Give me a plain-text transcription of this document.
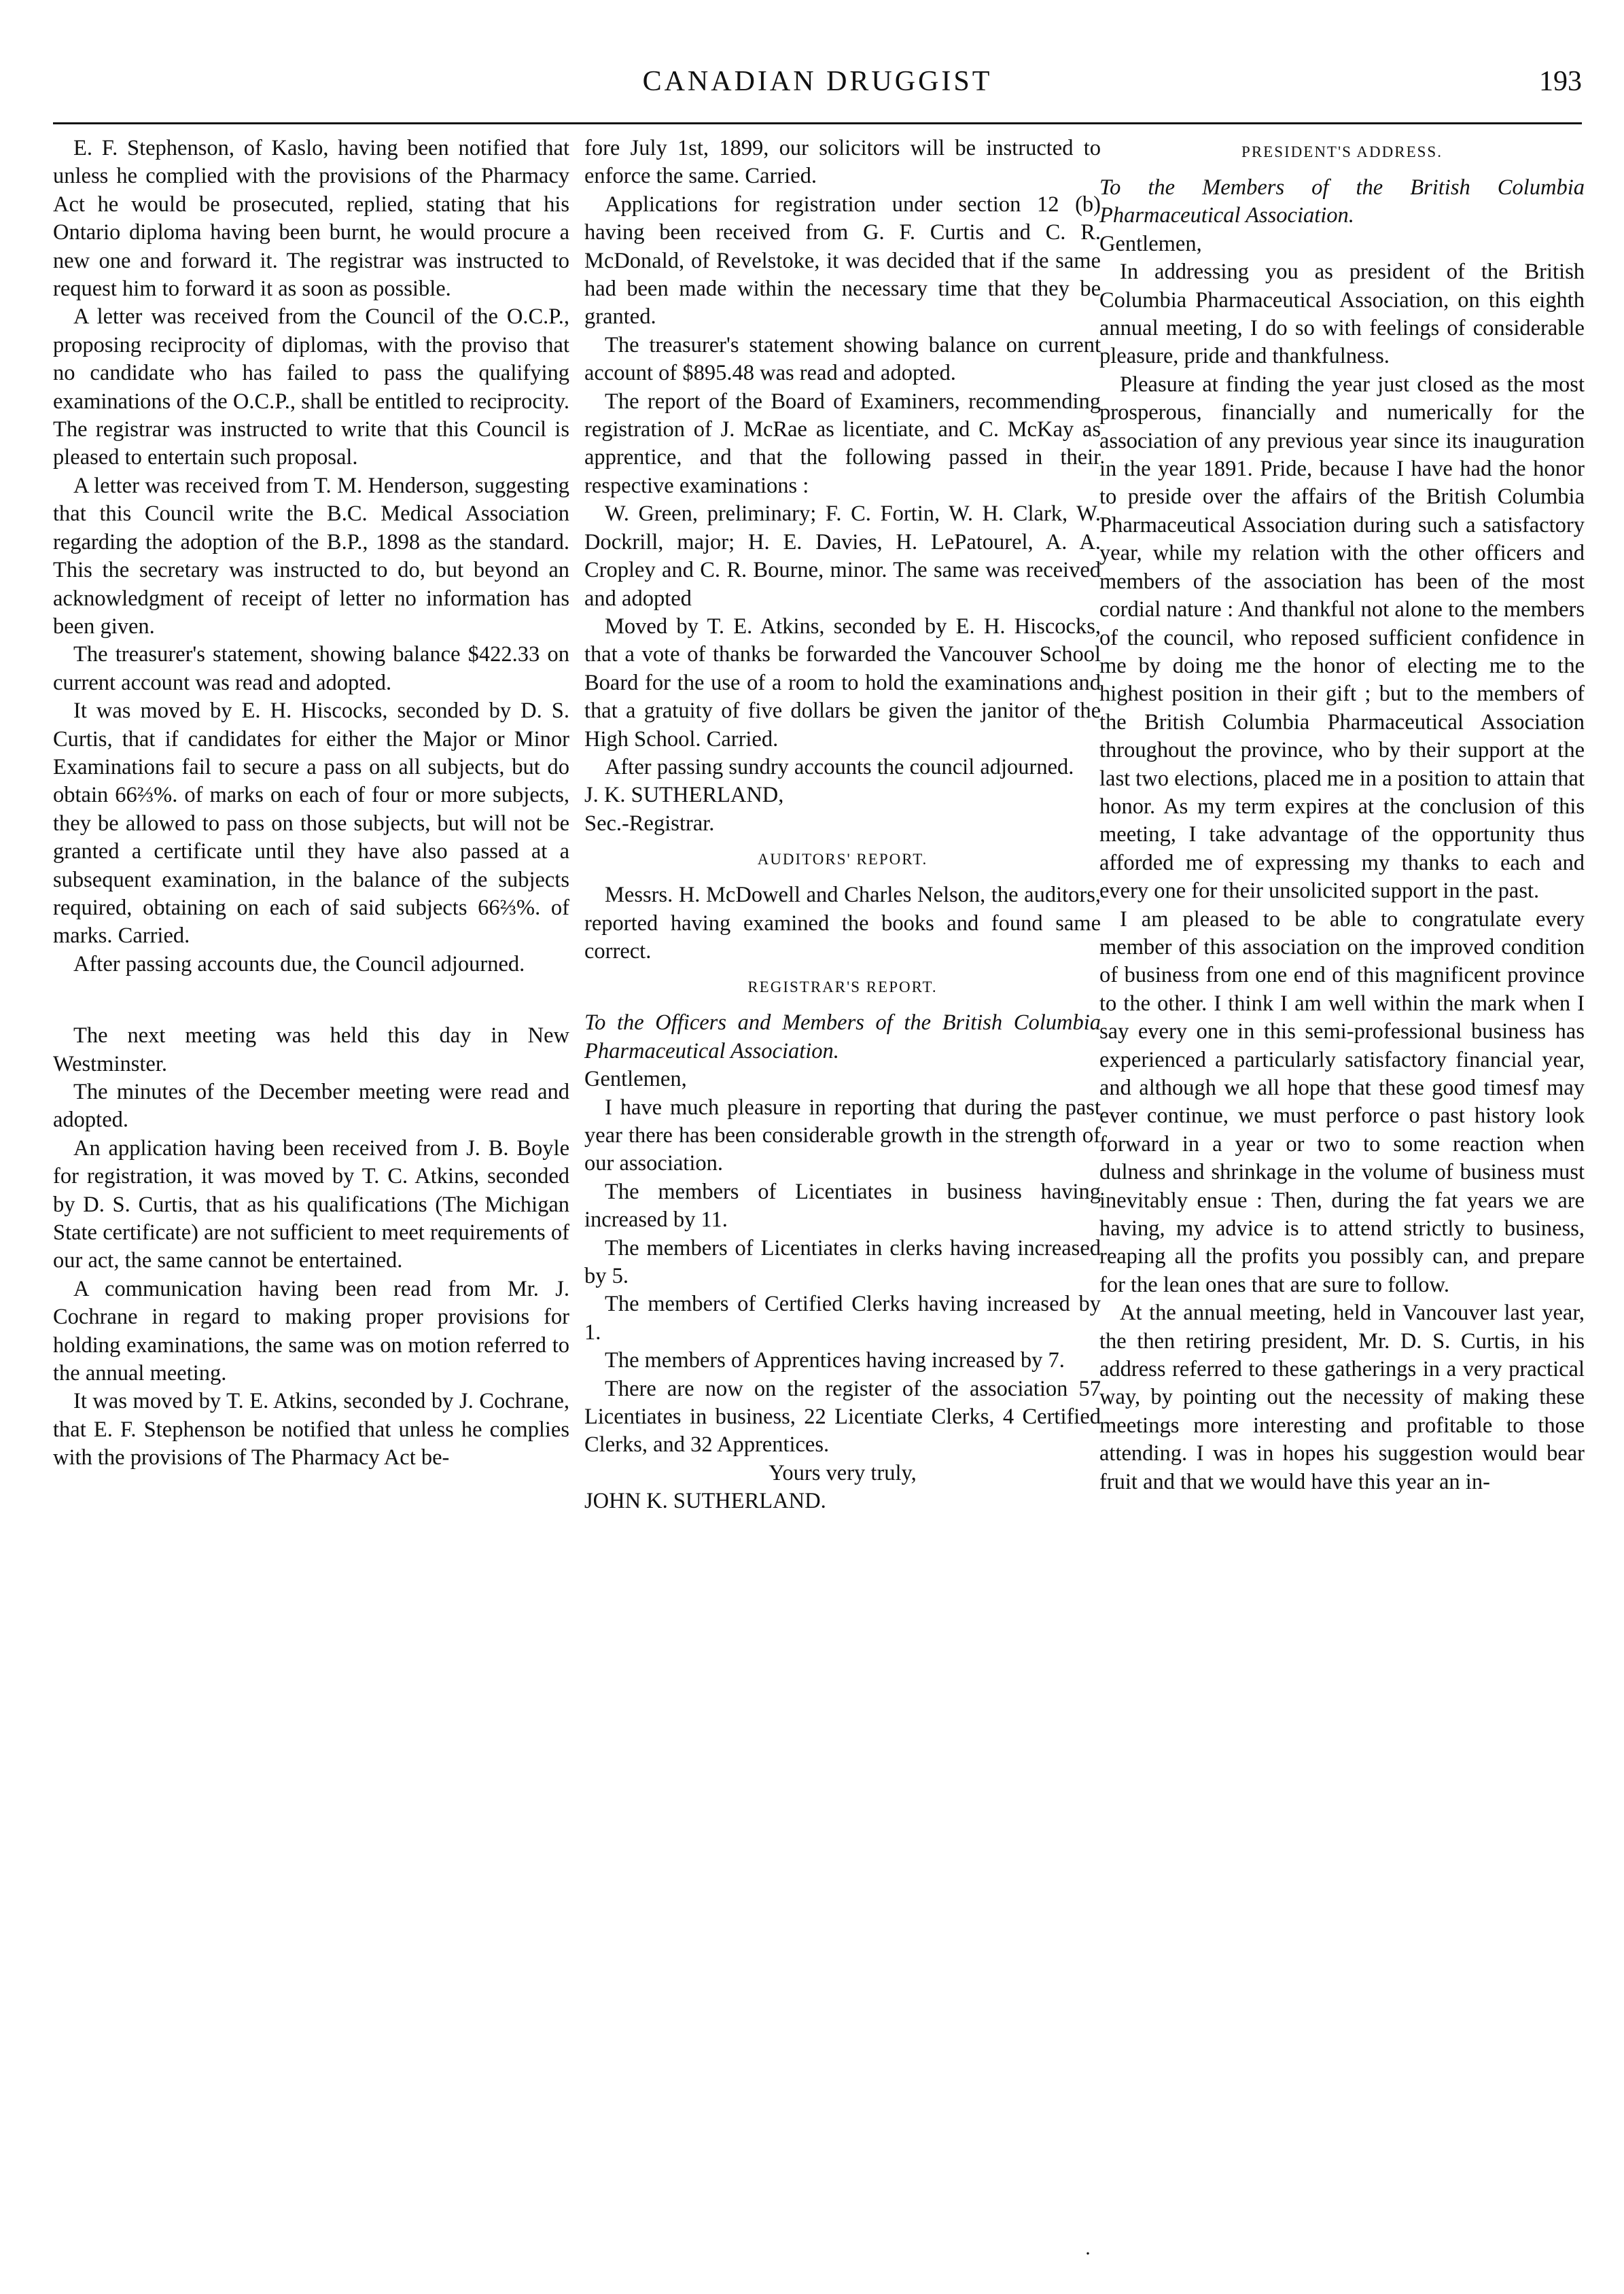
CANADIAN DRUGGIST	193

E. F. Stephenson, of Kaslo, having been notified that unless he complied with the provisions of the Pharmacy Act he would be prosecuted, replied, stating that his Ontario diploma having been burnt, he would procure a new one and forward it. The registrar was instructed to request him to forward it as soon as possible.

A letter was received from the Council of the O.C.P., proposing reciprocity of diplomas, with the proviso that no candidate who has failed to pass the qualifying examinations of the O.C.P., shall be entitled to reciprocity. The registrar was instructed to write that this Council is pleased to entertain such proposal.

A letter was received from T. M. Henderson, suggesting that this Council write the B.C. Medical Association regarding the adoption of the B.P., 1898 as the standard. This the secretary was instructed to do, but beyond an acknowledgment of receipt of letter no information has been given.

The treasurer's statement, showing balance $422.33 on current account was read and adopted.

It was moved by E. H. Hiscocks, seconded by D. S. Curtis, that if candidates for either the Major or Minor Examinations fail to secure a pass on all subjects, but do obtain 66⅔%. of marks on each of four or more subjects, they be allowed to pass on those subjects, but will not be granted a certificate until they have also passed at a subsequent examination, in the balance of the subjects required, obtaining on each of said subjects 66⅔%. of marks. Carried.

After passing accounts due, the Council adjourned.

The next meeting was held this day in New Westminster.

The minutes of the December meeting were read and adopted.

An application having been received from J. B. Boyle for registration, it was moved by T. C. Atkins, seconded by D. S. Curtis, that as his qualifications (The Michigan State certificate) are not sufficient to meet requirements of our act, the same cannot be entertained.

A communication having been read from Mr. J. Cochrane in regard to making proper provisions for holding examinations, the same was on motion referred to the annual meeting.

It was moved by T. E. Atkins, seconded by J. Cochrane, that E. F. Stephenson be notified that unless he complies with the provisions of The Pharmacy Act be-

fore July 1st, 1899, our solicitors will be instructed to enforce the same. Carried.

Applications for registration under section 12 (b) having been received from G. F. Curtis and C. R. McDonald, of Revelstoke, it was decided that if the same had been made within the necessary time that they be granted.

The treasurer's statement showing balance on current account of $895.48 was read and adopted.

The report of the Board of Examiners, recommending registration of J. McRae as licentiate, and C. McKay as apprentice, and that the following passed in their respective examinations :

W. Green, preliminary; F. C. Fortin, W. H. Clark, W. Dockrill, major; H. E. Davies, H. LePatourel, A. A. Cropley and C. R. Bourne, minor. The same was received and adopted

Moved by T. E. Atkins, seconded by E. H. Hiscocks, that a vote of thanks be forwarded the Vancouver School Board for the use of a room to hold the examinations and that a gratuity of five dollars be given the janitor of the High School. Carried.

After passing sundry accounts the council adjourned.

J. K. SUTHERLAND,

Sec.-Registrar.

AUDITORS' REPORT.

Messrs. H. McDowell and Charles Nelson, the auditors, reported having examined the books and found same correct.

REGISTRAR'S REPORT.

To the Officers and Members of the British Columbia Pharmaceutical Association.

Gentlemen,

I have much pleasure in reporting that during the past year there has been considerable growth in the strength of our association.

The members of Licentiates in business having increased by 11.

The members of Licentiates in clerks having increased by 5.

The members of Certified Clerks having increased by 1.

The members of Apprentices having increased by 7.

There are now on the register of the association 57 Licentiates in business, 22 Licentiate Clerks, 4 Certified Clerks, and 32 Apprentices.

Yours very truly,

JOHN K. SUTHERLAND.

PRESIDENT'S ADDRESS.

To the Members of the British Columbia Pharmaceutical Association.

Gentlemen,

In addressing you as president of the British Columbia Pharmaceutical Association, on this eighth annual meeting, I do so with feelings of considerable pleasure, pride and thankfulness.

Pleasure at finding the year just closed as the most prosperous, financially and numerically for the association of any previous year since its inauguration in the year 1891. Pride, because I have had the honor to preside over the affairs of the British Columbia Pharmaceutical Association during such a satisfactory year, while my relation with the other officers and members of the association has been of the most cordial nature : And thankful not alone to the members of the council, who reposed sufficient confidence in me by doing me the honor of electing me to the highest position in their gift ; but to the members of the British Columbia Pharmaceutical Association throughout the province, who by their support at the last two elections, placed me in a position to attain that honor. As my term expires at the conclusion of this meeting, I take advantage of the opportunity thus afforded me of expressing my thanks to each and every one for their unsolicited support in the past.

I am pleased to be able to congratulate every member of this association on the improved condition of business from one end of this magnificent province to the other. I think I am well within the mark when I say every one in this semi-professional business has experienced a particularly satisfactory financial year, and although we all hope that these good timesf may ever continue, we must perforce o past history look forward in a year or two to some reaction when dulness and shrinkage in the volume of business must inevitably ensue : Then, during the fat years we are having, my advice is to attend strictly to business, reaping all the profits you possibly can, and prepare for the lean ones that are sure to follow.

At the annual meeting, held in Vancouver last year, the then retiring president, Mr. D. S. Curtis, in his address referred to these gatherings in a very practical way, by pointing out the necessity of making these meetings more interesting and profitable to those attending. I was in hopes his suggestion would bear fruit and that we would have this year an in-

·
